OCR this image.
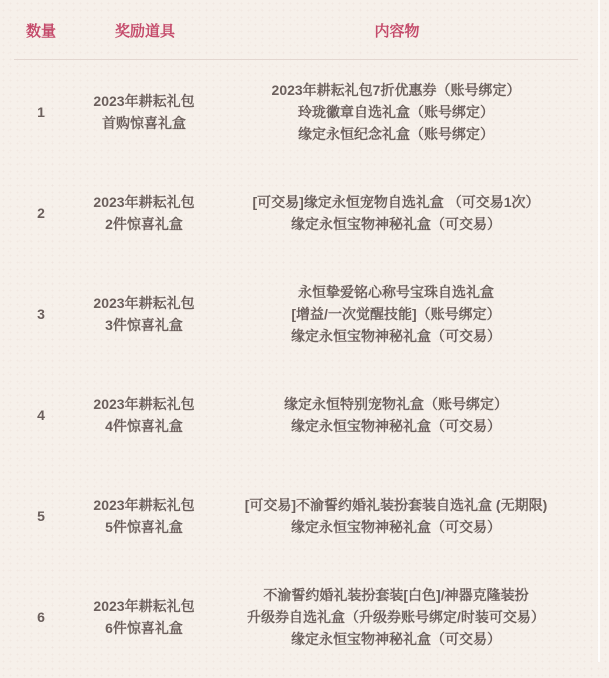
数量	奖励道具	内容物
1
2023年耕耘礼包
首购惊喜礼盒
2023年耕耘礼包7折优惠券（账号绑定）
玲珑徽章自选礼盒（账号绑定）
缘定永恒纪念礼盒（账号绑定）
2
2023年耕耘礼包
2件惊喜礼盒
[可交易]缘定永恒宠物自选礼盒 （可交易1次）
缘定永恒宝物神秘礼盒（可交易）
3
2023年耕耘礼包
3件惊喜礼盒
永恒挚爱铭心称号宝珠自选礼盒
[增益/一次觉醒技能]（账号绑定）
缘定永恒宝物神秘礼盒（可交易）
4
2023年耕耘礼包
4件惊喜礼盒
缘定永恒特别宠物礼盒（账号绑定）
缘定永恒宝物神秘礼盒（可交易）
5
2023年耕耘礼包
5件惊喜礼盒
[可交易]不渝誓约婚礼装扮套装自选礼盒 (无期限)
缘定永恒宝物神秘礼盒（可交易）
6
2023年耕耘礼包
6件惊喜礼盒
不渝誓约婚礼装扮套装[白色]/神器克隆装扮
升级券自选礼盒（升级券账号绑定/时装可交易）
缘定永恒宝物神秘礼盒（可交易）
